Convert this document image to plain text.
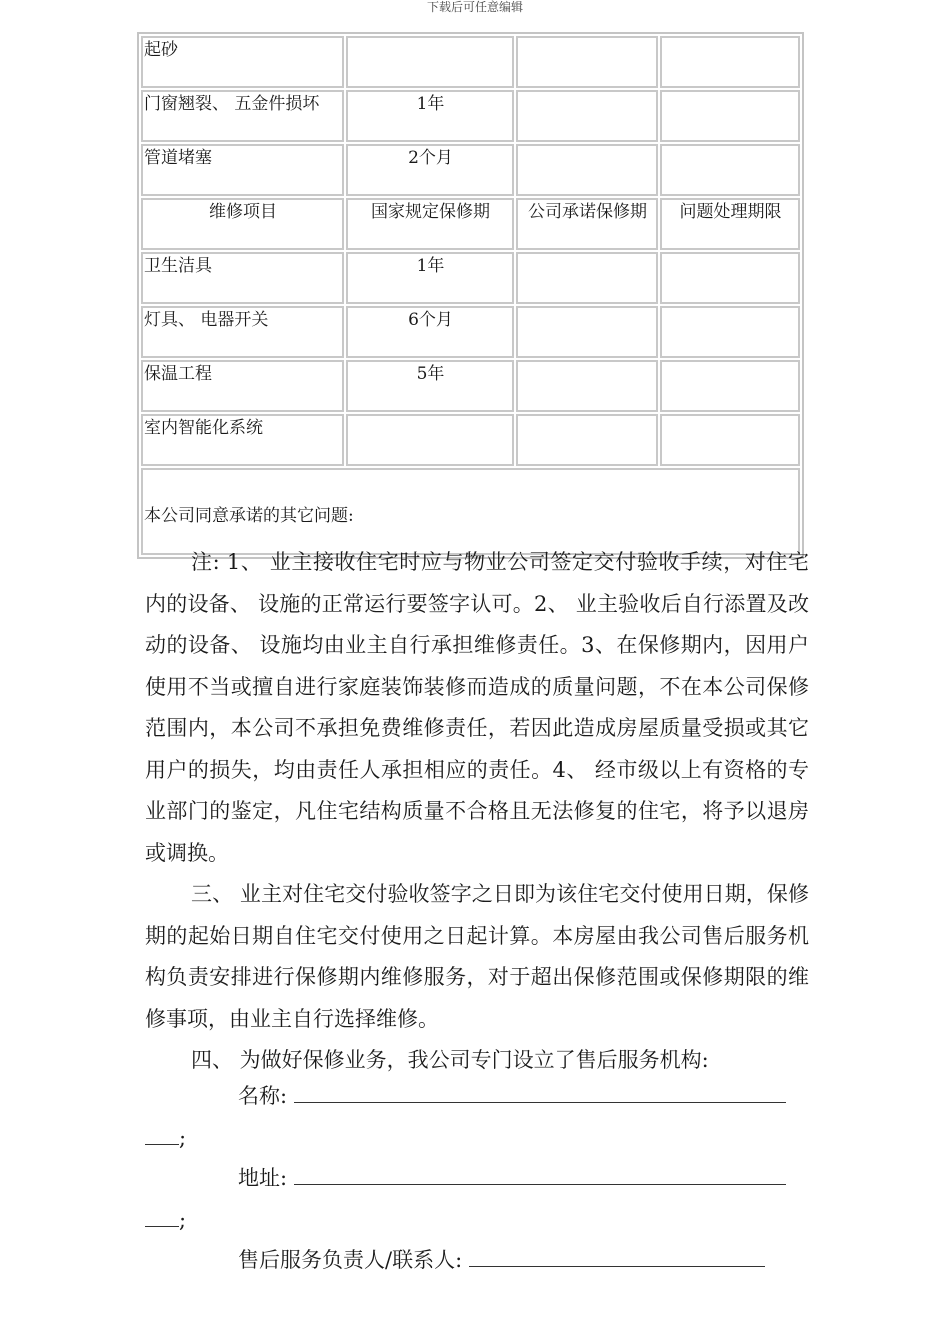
下载后可任意编辑
起砂			
门窗翘裂、 五金件损坏	1年		
管道堵塞	2个月		
维修项目	国家规定保修期	公司承诺保修期	问题处理期限
卫生洁具	1年		
灯具、 电器开关	6个月		
保温工程	5年		
室内智能化系统			
本公司同意承诺的其它问题:			

注: 1、 业主接收住宅时应与物业公司签定交付验收手续，对住宅内的设备、 设施的正常运行要签字认可。2、 业主验收后自行添置及改动的设备、 设施均由业主自行承担维修责任。3、在保修期内，因用户使用不当或擅自进行家庭装饰装修而造成的质量问题，不在本公司保修范围内，本公司不承担免费维修责任，若因此造成房屋质量受损或其它用户的损失，均由责任人承担相应的责任。4、 经市级以上有资格的专业部门的鉴定，凡住宅结构质量不合格且无法修复的住宅，将予以退房或调换。

三、 业主对住宅交付验收签字之日即为该住宅交付使用日期，保修期的起始日期自住宅交付使用之日起计算。本房屋由我公司售后服务机构负责安排进行保修期内维修服务，对于超出保修范围或保修期限的维修事项，由业主自行选择维修。

四、 为做好保修业务，我公司专门设立了售后服务机构:

名称:
;
地址:
;
售后服务负责人/联系人:
